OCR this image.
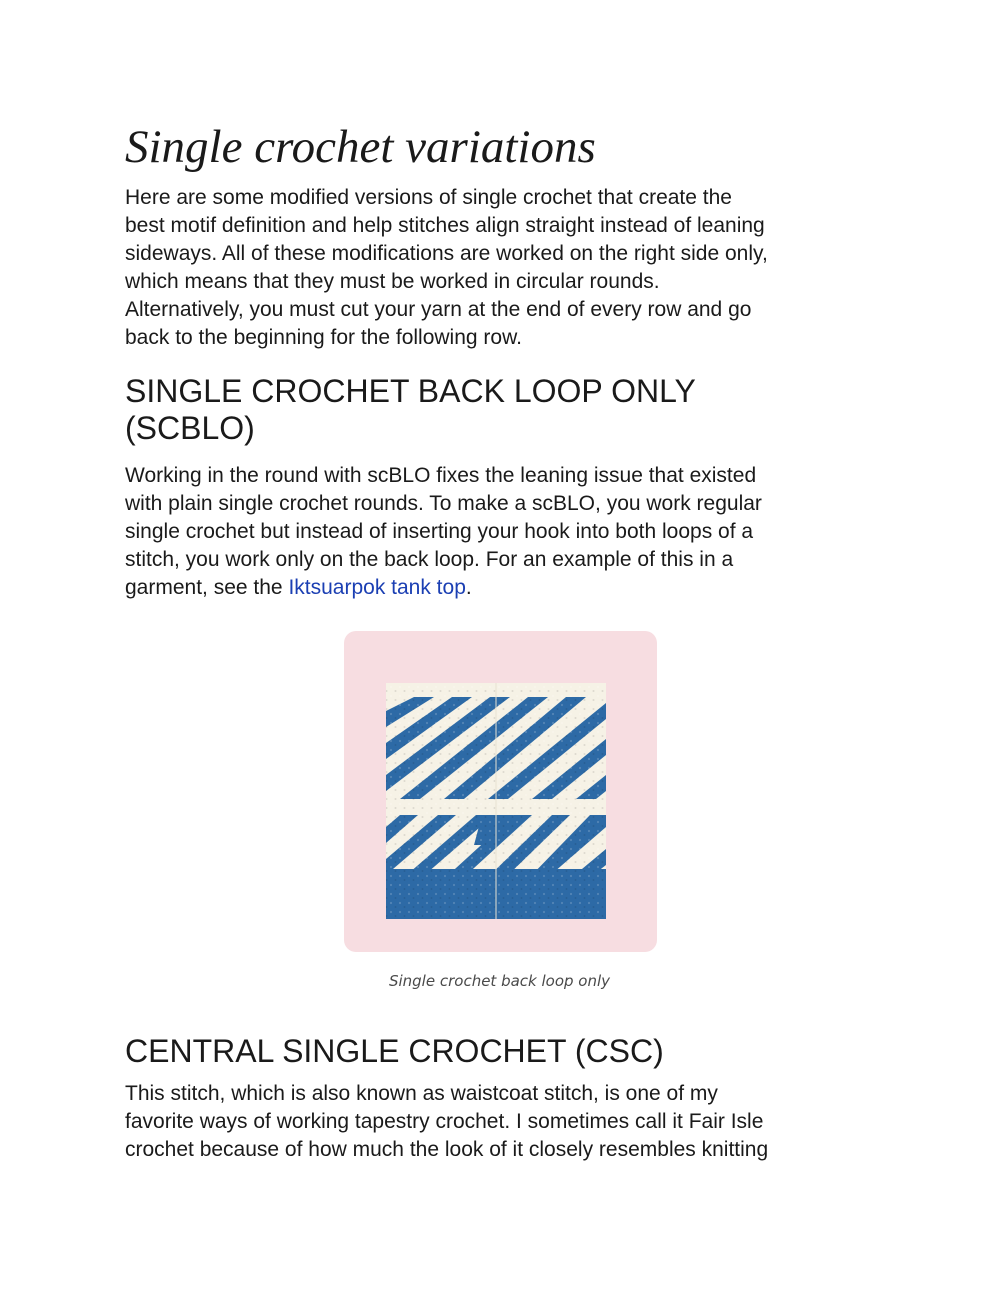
Single crochet variations

Here are some modified versions of single crochet that create the
best motif definition and help stitches align straight instead of leaning
sideways. All of these modifications are worked on the right side only,
which means that they must be worked in circular rounds.
Alternatively, you must cut your yarn at the end of every row and go
back to the beginning for the following row.

SINGLE CROCHET BACK LOOP ONLY
(SCBLO)

Working in the round with scBLO fixes the leaning issue that existed
with plain single crochet rounds. To make a scBLO, you work regular
single crochet but instead of inserting your hook into both loops of a
stitch, you work only on the back loop. For an example of this in a
garment, see the Iktsuarpok tank top.

Single crochet back loop only

CENTRAL SINGLE CROCHET (CSC)

This stitch, which is also known as waistcoat stitch, is one of my
favorite ways of working tapestry crochet. I sometimes call it Fair Isle
crochet because of how much the look of it closely resembles knitting
